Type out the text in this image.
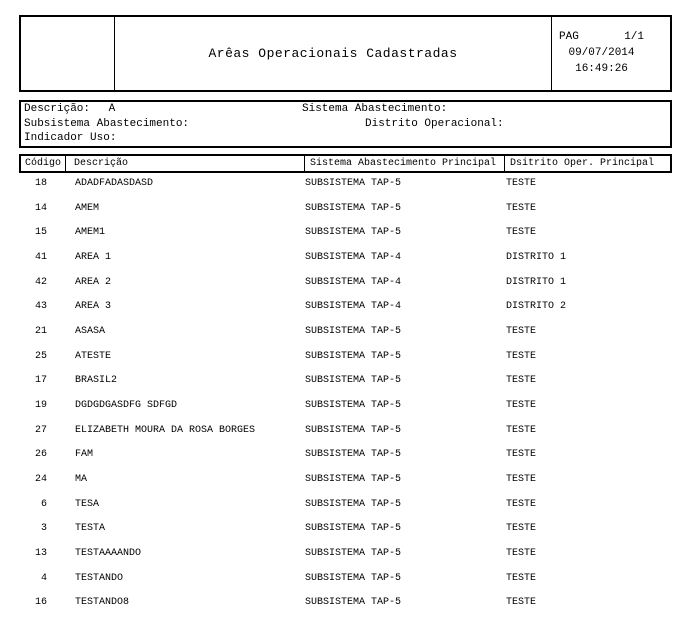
Arêas Operacionais Cadastradas
PAG	1/1
09/07/2014
16:49:26
Descrição: A	Sistema Abastecimento:
Subsistema Abastecimento:	Distrito Operacional:
Indicador Uso:
Código	Descrição	Sistema Abastecimento Principal	Dsitrito Oper. Principal
18	ADADFADASDASD	SUBSISTEMA TAP-5	TESTE
14	AMEM	SUBSISTEMA TAP-5	TESTE
15	AMEM1	SUBSISTEMA TAP-5	TESTE
41	AREA 1	SUBSISTEMA TAP-4	DISTRITO 1
42	AREA 2	SUBSISTEMA TAP-4	DISTRITO 1
43	AREA 3	SUBSISTEMA TAP-4	DISTRITO 2
21	ASASA	SUBSISTEMA TAP-5	TESTE
25	ATESTE	SUBSISTEMA TAP-5	TESTE
17	BRASIL2	SUBSISTEMA TAP-5	TESTE
19	DGDGDGASDFG SDFGD	SUBSISTEMA TAP-5	TESTE
27	ELIZABETH MOURA DA ROSA BORGES	SUBSISTEMA TAP-5	TESTE
26	FAM	SUBSISTEMA TAP-5	TESTE
24	MA	SUBSISTEMA TAP-5	TESTE
6	TESA	SUBSISTEMA TAP-5	TESTE
3	TESTA	SUBSISTEMA TAP-5	TESTE
13	TESTAAAANDO	SUBSISTEMA TAP-5	TESTE
4	TESTANDO	SUBSISTEMA TAP-5	TESTE
16	TESTANDO8	SUBSISTEMA TAP-5	TESTE
